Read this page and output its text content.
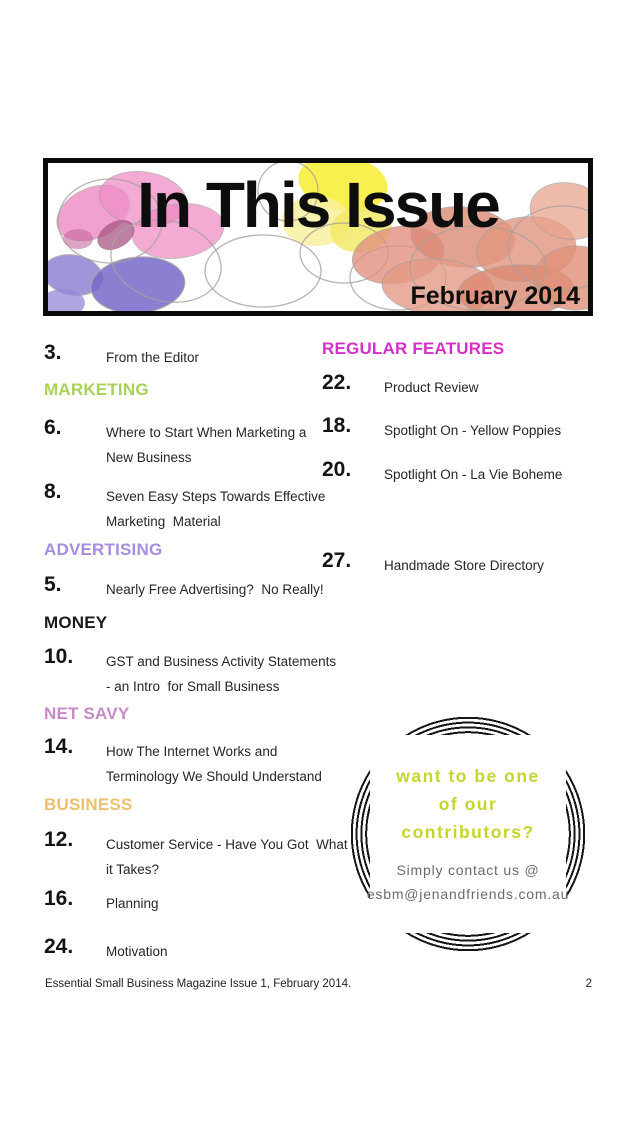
In This Issue
February 2014
3.	From the Editor
MARKETING
6.	Where to Start When Marketing a
New Business
8.	Seven Easy Steps Towards Effective
Marketing  Material
ADVERTISING
5.	Nearly Free Advertising?  No Really!
MONEY
10.	GST and Business Activity Statements
- an Intro  for Small Business
NET SAVY
14.	How The Internet Works and
Terminology We Should Understand
BUSINESS
12.	Customer Service - Have You Got  What
it Takes?
16.	Planning
24.	Motivation
REGULAR FEATURES
22.	Product Review
18.	Spotlight On - Yellow Poppies
20.	Spotlight On - La Vie Boheme
27.	Handmade Store Directory
want to be one
of our
contributors?
Simply contact us @
esbm@jenandfriends.com.au
Essential Small Business Magazine Issue 1, February 2014.	2
